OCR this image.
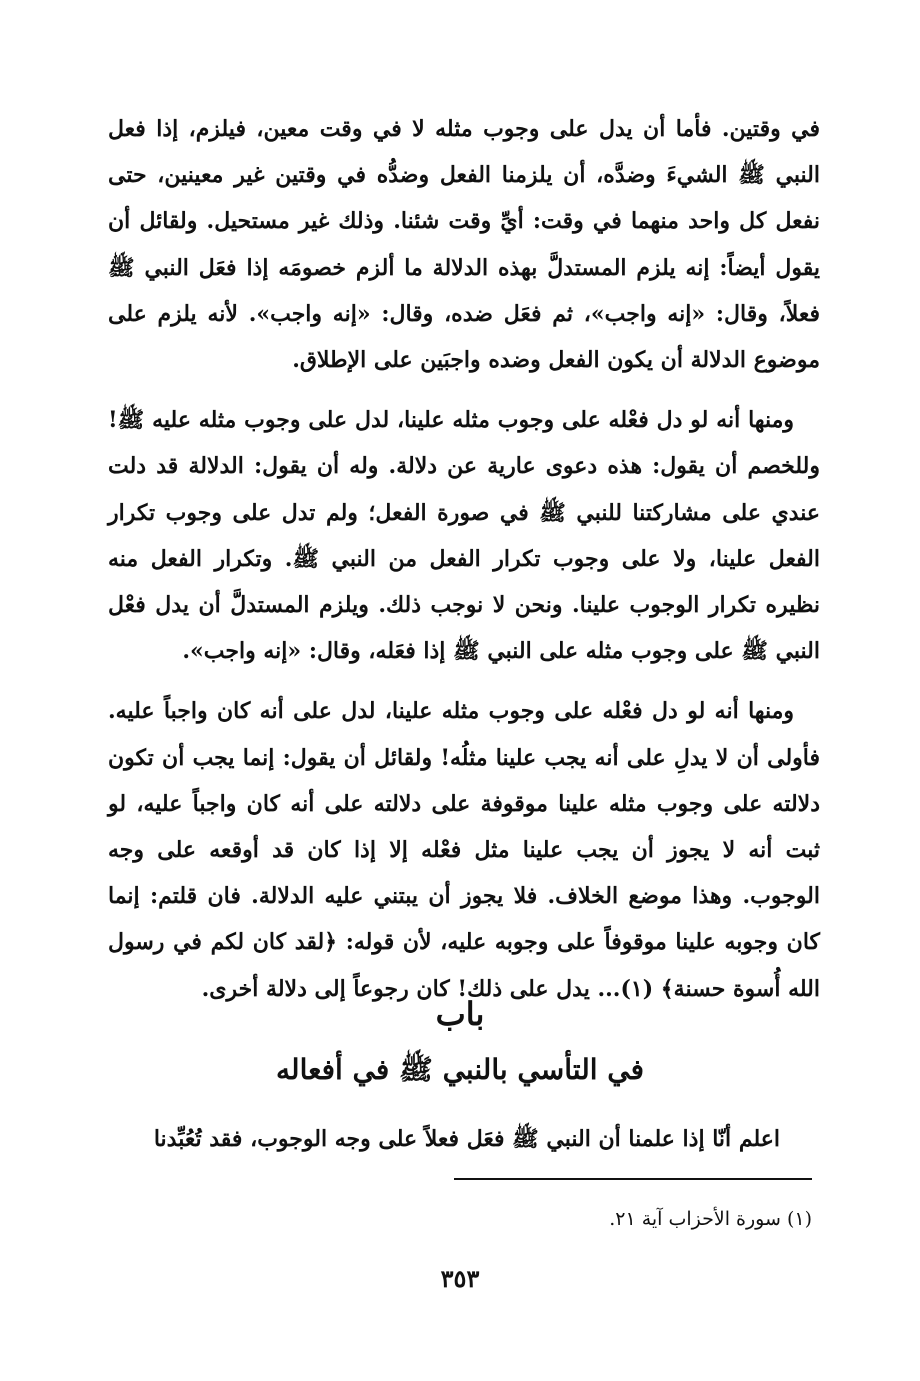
في وقتين. فأما أن يدل على وجوب مثله لا في وقت معين، فيلزم، إذا فعل النبي ﷺ الشيءَ وضدَّه، أن يلزمنا الفعل وضدُّه في وقتين غير معينين، حتى نفعل كل واحد منهما في وقت: أيِّ وقت شئنا. وذلك غير مستحيل. ولقائل أن يقول أيضاً: إنه يلزم المستدلَّ بهذه الدلالة ما ألزم خصومَه إذا فعَل النبي ﷺ فعلاً، وقال: «إنه واجب»، ثم فعَل ضده، وقال: «إنه واجب». لأنه يلزم على موضوع الدلالة أن يكون الفعل وضده واجبَين على الإطلاق.

ومنها أنه لو دل فعْله على وجوب مثله علينا، لدل على وجوب مثله عليه ﷺ! وللخصم أن يقول: هذه دعوى عارية عن دلالة. وله أن يقول: الدلالة قد دلت عندي على مشاركتنا للنبي ﷺ في صورة الفعل؛ ولم تدل على وجوب تكرار الفعل علينا، ولا على وجوب تكرار الفعل من النبي ﷺ. وتكرار الفعل منه نظيره تكرار الوجوب علينا. ونحن لا نوجب ذلك. ويلزم المستدلَّ أن يدل فعْل النبي ﷺ على وجوب مثله على النبي ﷺ إذا فعَله، وقال: «إنه واجب».

ومنها أنه لو دل فعْله على وجوب مثله علينا، لدل على أنه كان واجباً عليه. فأولى أن لا يدلِ على أنه يجب علينا مثلُه! ولقائل أن يقول: إنما يجب أن تكون دلالته على وجوب مثله علينا موقوفة على دلالته على أنه كان واجباً عليه، لو ثبت أنه لا يجوز أن يجب علينا مثل فعْله إلا إذا كان قد أوقعه على وجه الوجوب. وهذا موضع الخلاف. فلا يجوز أن يبتني عليه الدلالة. فان قلتم: إنما كان وجوبه علينا موقوفاً على وجوبه عليه، لأن قوله: ﴿لقد كان لكم في رسول الله أُسوة حسنة﴾ (١)... يدل على ذلك! كان رجوعاً إلى دلالة أخرى.

باب
في التأسي بالنبي ﷺ في أفعاله
اعلم أنّا إذا علمنا أن النبي ﷺ فعَل فعلاً على وجه الوجوب، فقد تُعُبِّدنا
(١) سورة الأحزاب آية ٢١.
٣٥٣
